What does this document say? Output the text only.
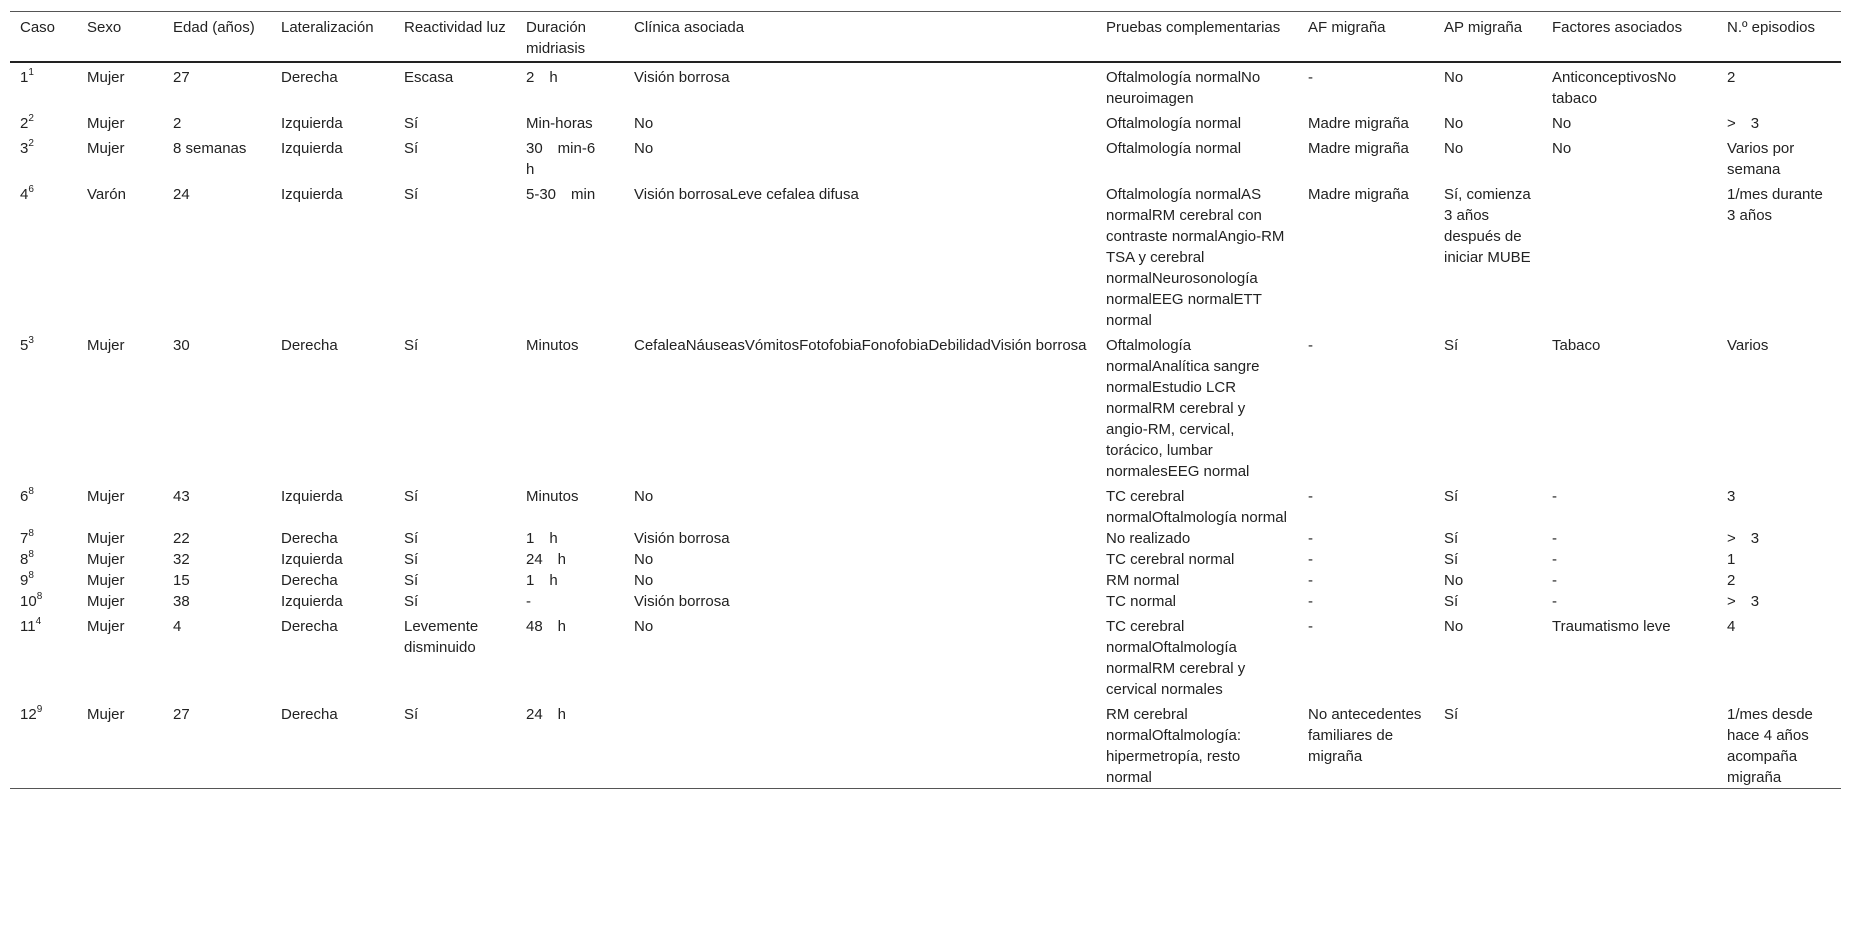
Caso	Sexo	Edad (años)	Lateralización	Reactividad luz	Duración midriasis	Clínica asociada	Pruebas complementarias	AF migraña	AP migraña	Factores asociados	N.º episodios
$1^1$	Mujer	27	Derecha	Escasa	2 h	Visión borrosa	Oftalmología normalNo neuroimagen	-	No	AnticonceptivosNo tabaco	2
$2^2$	Mujer	2	Izquierda	Sí	Min-horas	No	Oftalmología normal	Madre migraña	No	No	> 3
$3^2$	Mujer	8 semanas	Izquierda	Sí	30 min-6 h	No	Oftalmología normal	Madre migraña	No	No	Varios por semana
$4^6$	Varón	24	Izquierda	Sí	5-30 min	Visión borrosaLeve cefalea difusa	Oftalmología normalAS normalRM cerebral con contraste normalAngio-RM TSA y cerebral normalNeurosonología normalEEG normalETT normal	Madre migraña	Sí, comienza 3 años después de iniciar MUBE		1/mes durante 3 años
$5^3$	Mujer	30	Derecha	Sí	Minutos	CefaleaNáuseasVómitosFotofobiaFonofobiaDebilidadVisión borrosa	Oftalmología normalAnalítica sangre normalEstudio LCR normalRM cerebral y angio-RM, cervical, torácico, lumbar normalesEEG normal	-	Sí	Tabaco	Varios
$6^8$	Mujer	43	Izquierda	Sí	Minutos	No	TC cerebral normalOftalmología normal	-	Sí	-	3
$7^8$	Mujer	22	Derecha	Sí	1 h	Visión borrosa	No realizado	-	Sí	-	> 3
$8^8$	Mujer	32	Izquierda	Sí	24 h	No	TC cerebral normal	-	Sí	-	1
$9^8$	Mujer	15	Derecha	Sí	1 h	No	RM normal	-	No	-	2
$10^8$	Mujer	38	Izquierda	Sí	-	Visión borrosa	TC normal	-	Sí	-	> 3
$11^4$	Mujer	4	Derecha	Levemente disminuido	48 h	No	TC cerebral normalOftalmología normalRM cerebral y cervical normales	-	No	Traumatismo leve	4
$12^9$	Mujer	27	Derecha	Sí	24 h		RM cerebral normalOftalmología: hipermetropía, resto normal	No antecedentes familiares de migraña	Sí		1/mes desde hace 4 años acompaña migraña
